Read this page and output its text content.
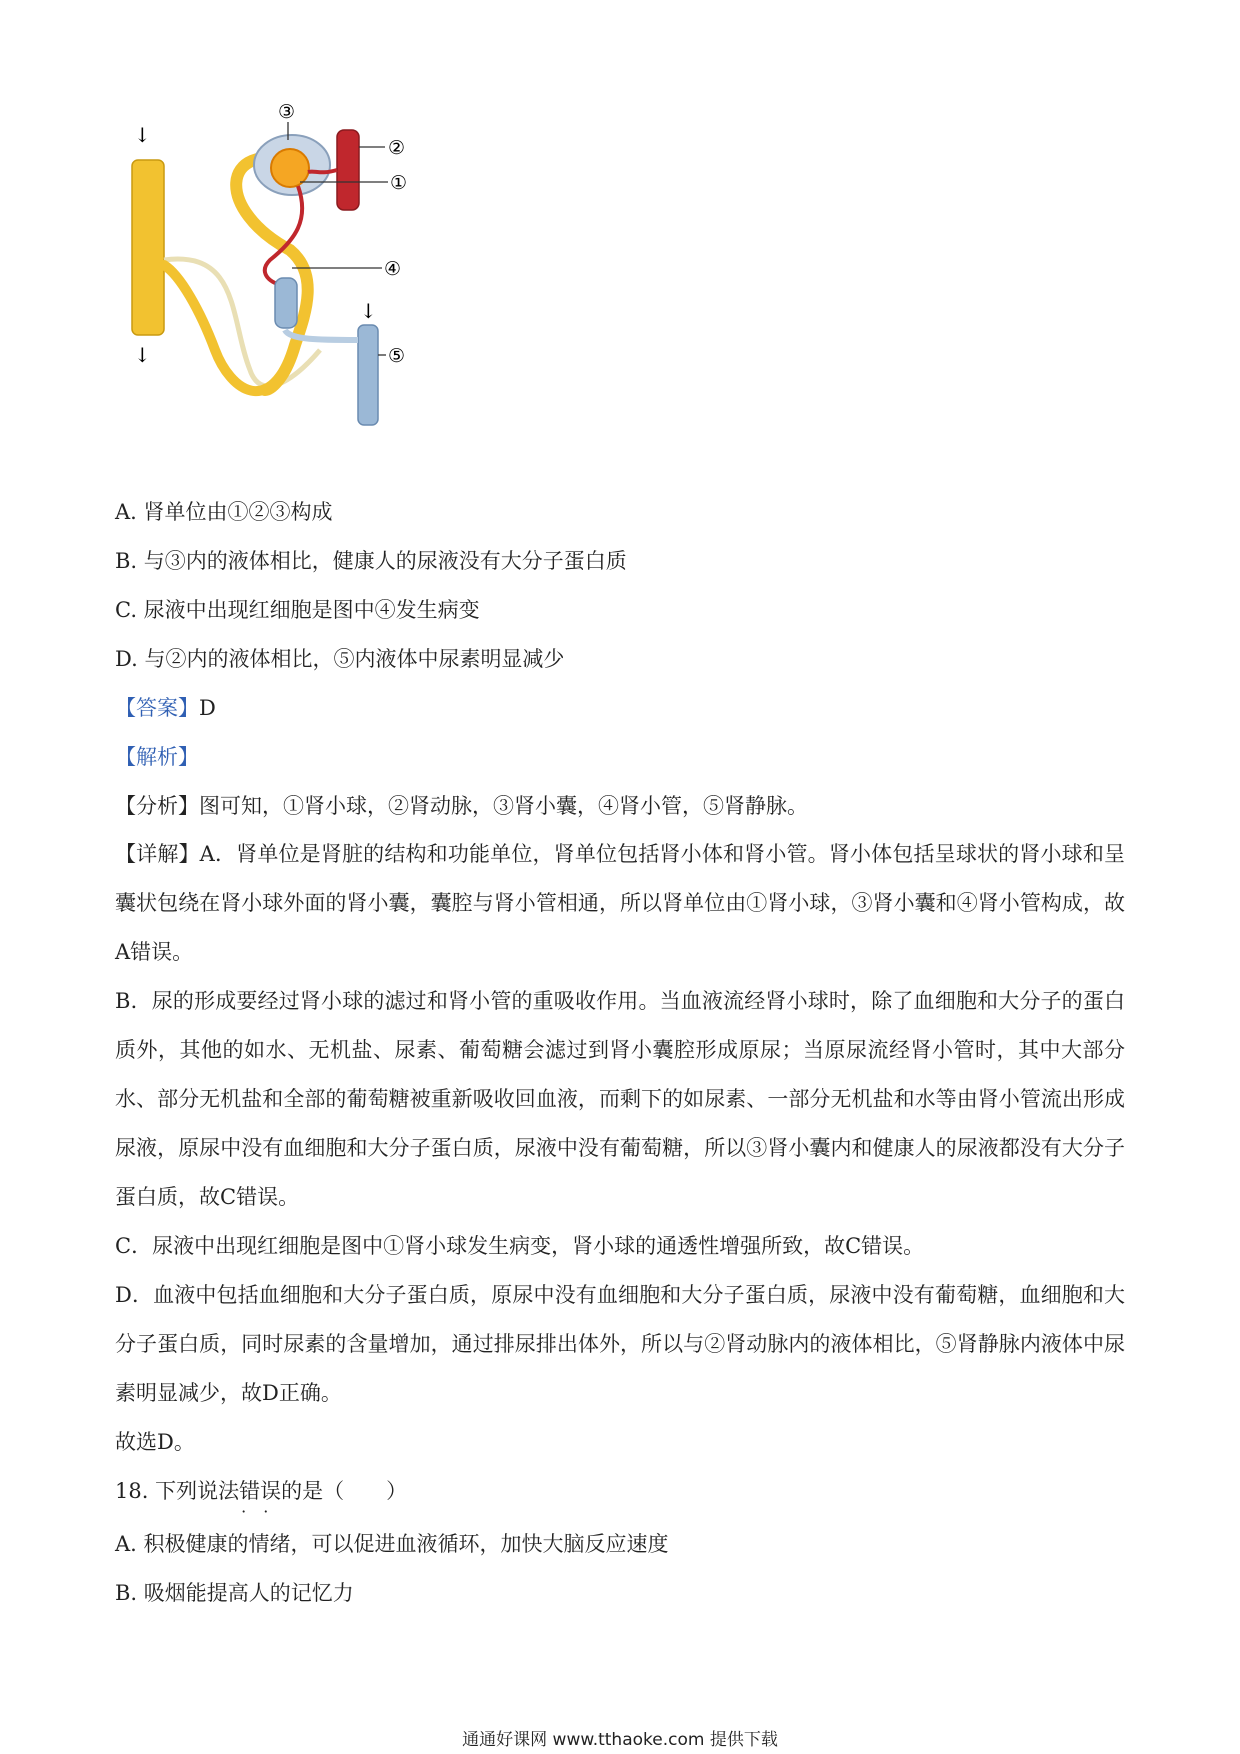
↓
↓
↓
③
②
①
④
⑤
A. 肾单位由①②③构成
B. 与③内的液体相比，健康人的尿液没有大分子蛋白质
C. 尿液中出现红细胞是图中④发生病变
D. 与②内的液体相比，⑤内液体中尿素明显减少
【答案】D
【解析】
【分析】图可知，①肾小球，②肾动脉，③肾小囊，④肾小管，⑤肾静脉。
【详解】A．肾单位是肾脏的结构和功能单位，肾单位包括肾小体和肾小管。肾小体包括呈球状的肾小球和呈囊状包绕在肾小球外面的肾小囊，囊腔与肾小管相通，所以肾单位由①肾小球，③肾小囊和④肾小管构成，故A错误。
B．尿的形成要经过肾小球的滤过和肾小管的重吸收作用。当血液流经肾小球时，除了血细胞和大分子的蛋白质外，其他的如水、无机盐、尿素、葡萄糖会滤过到肾小囊腔形成原尿；当原尿流经肾小管时，其中大部分水、部分无机盐和全部的葡萄糖被重新吸收回血液，而剩下的如尿素、一部分无机盐和水等由肾小管流出形成尿液，原尿中没有血细胞和大分子蛋白质，尿液中没有葡萄糖，所以③肾小囊内和健康人的尿液都没有大分子蛋白质，故C错误。
C．尿液中出现红细胞是图中①肾小球发生病变，肾小球的通透性增强所致，故C错误。
D．血液中包括血细胞和大分子蛋白质，原尿中没有血细胞和大分子蛋白质，尿液中没有葡萄糖，血细胞和大分子蛋白质，同时尿素的含量增加，通过排尿排出体外，所以与②肾动脉内的液体相比，⑤肾静脉内液体中尿素明显减少，故D正确。
故选D。
18. 下列说法错误 · ·的是（　　）
A. 积极健康的情绪，可以促进血液循环，加快大脑反应速度
B. 吸烟能提高人的记忆力
通通好课网 www.tthaoke.com 提供下载
